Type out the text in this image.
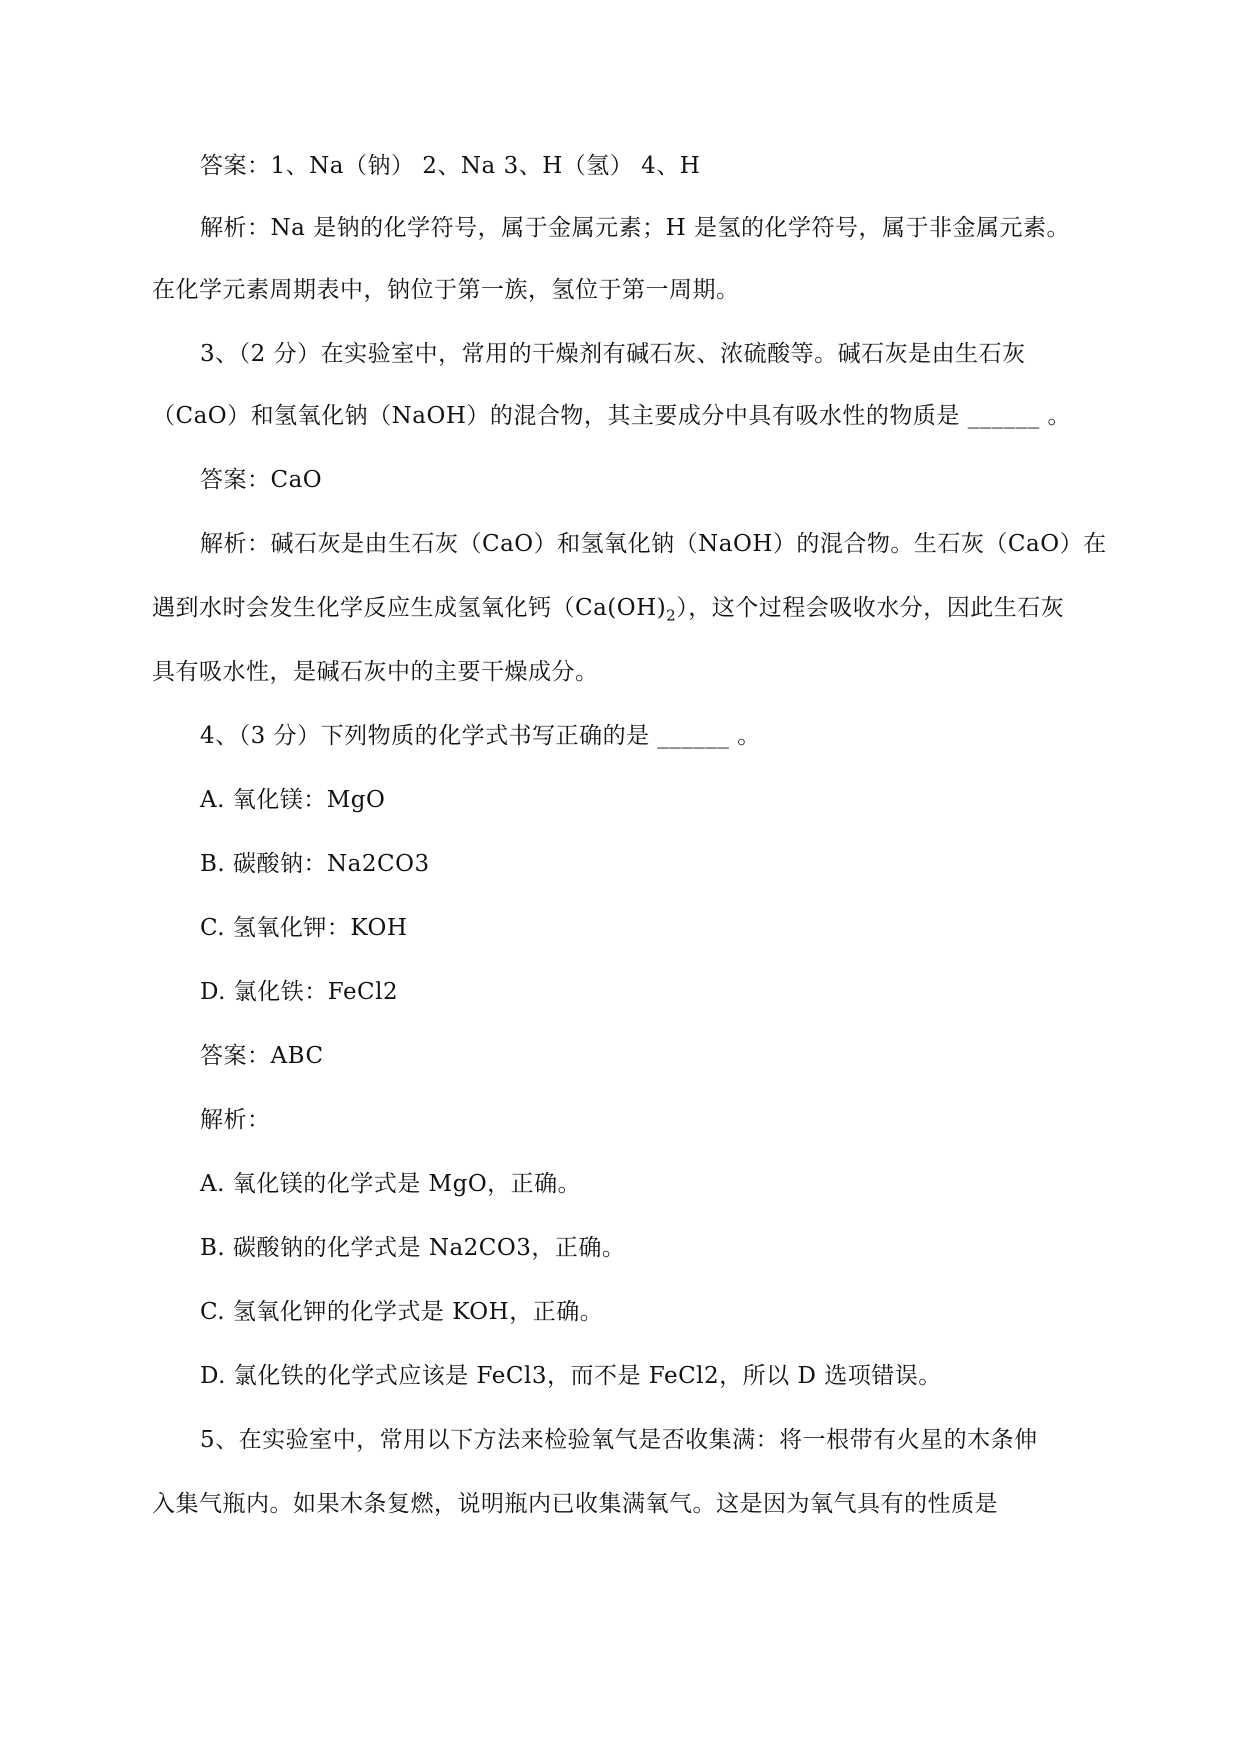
答案：1、Na（钠） 2、Na 3、H（氢） 4、H
解析：Na 是钠的化学符号，属于金属元素；H 是氢的化学符号，属于非金属元素。
在化学元素周期表中，钠位于第一族，氢位于第一周期。
3、（2 分）在实验室中，常用的干燥剂有碱石灰、浓硫酸等。碱石灰是由生石灰
（CaO）和氢氧化钠（NaOH）的混合物，其主要成分中具有吸水性的物质是 ______ 。
答案：CaO
解析：碱石灰是由生石灰（CaO）和氢氧化钠（NaOH）的混合物。生石灰（CaO）在
遇到水时会发生化学反应生成氢氧化钙$(Ca(OH)_2)$，这个过程会吸收水分，因此生石灰
具有吸水性，是碱石灰中的主要干燥成分。
4、（3 分）下列物质的化学式书写正确的是 ______ 。
A. 氧化镁：MgO
B. 碳酸钠：Na2CO3
C. 氢氧化钾：KOH
D. 氯化铁：FeCl2
答案：ABC
解析：
A. 氧化镁的化学式是 MgO，正确。
B. 碳酸钠的化学式是 Na2CO3，正确。
C. 氢氧化钾的化学式是 KOH，正确。
D. 氯化铁的化学式应该是 FeCl3，而不是 FeCl2，所以 D 选项错误。
5、在实验室中，常用以下方法来检验氧气是否收集满：将一根带有火星的木条伸
入集气瓶内。如果木条复燃，说明瓶内已收集满氧气。这是因为氧气具有的性质是
